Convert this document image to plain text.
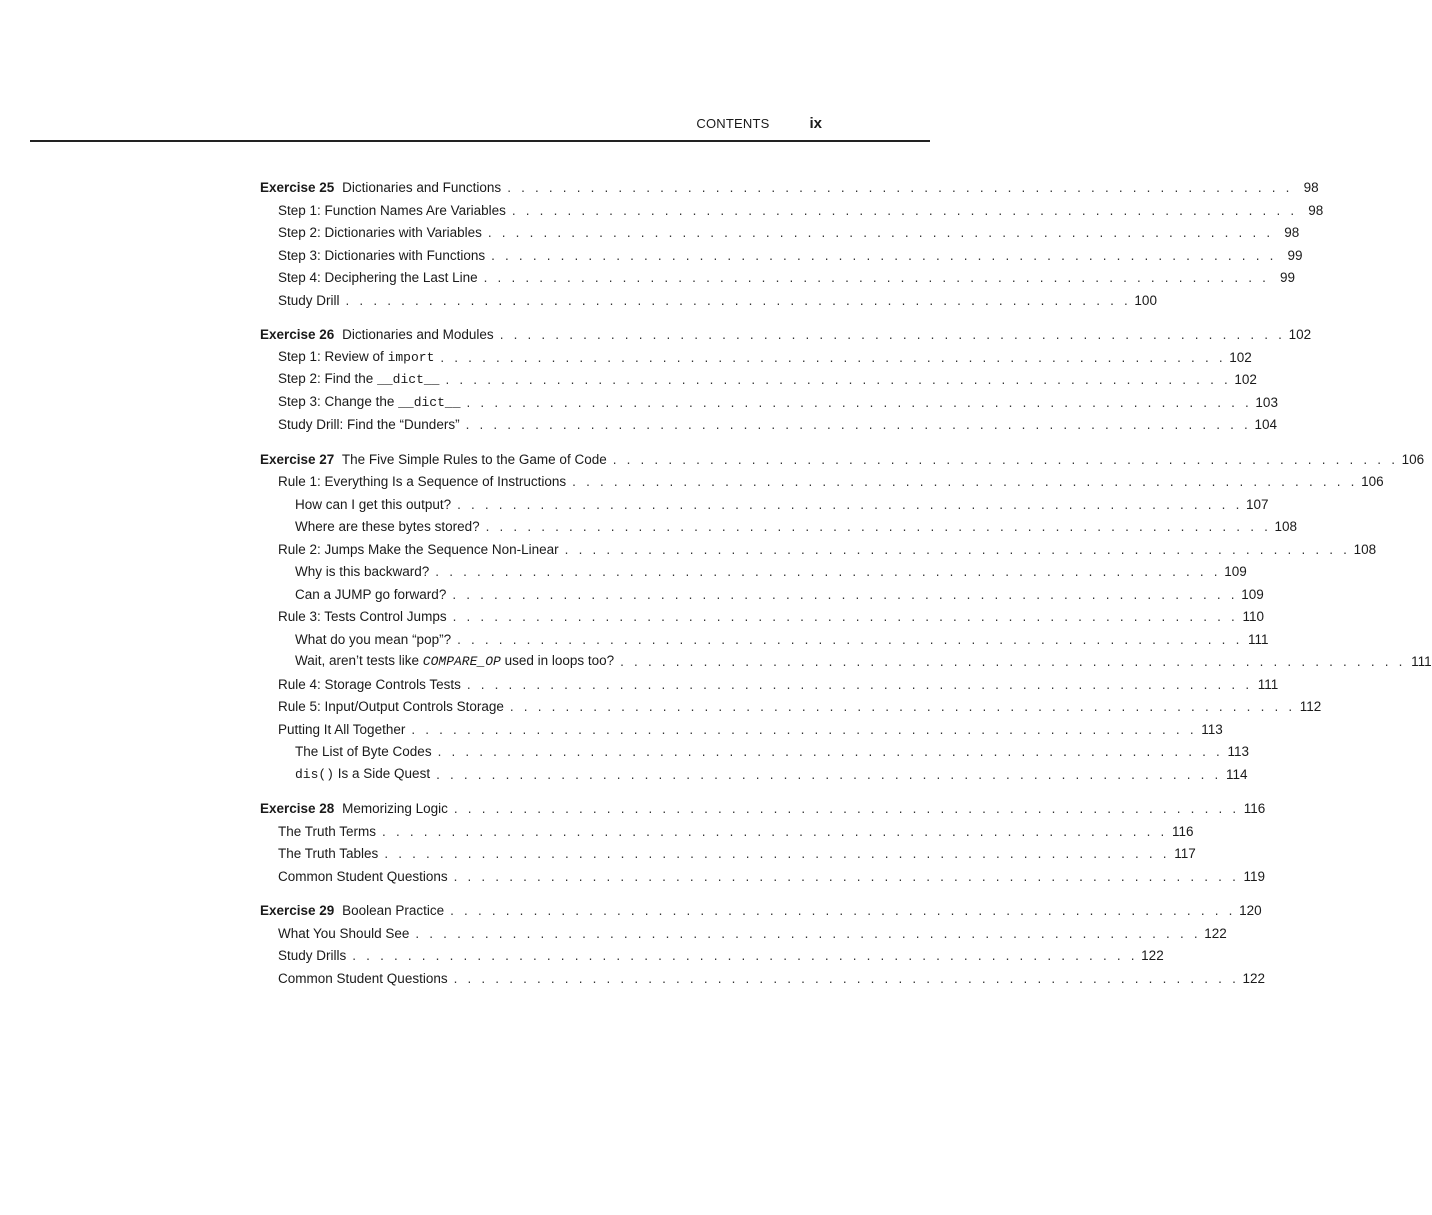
CONTENTS	ix
Exercise 25 Dictionaries and Functions . . . . . . . . . . . . . . . . . . . . . . . . . . . . . . . . . . . . . . . . . . . . . . . . . . . . . . . . . 98
Step 1: Function Names Are Variables . . . . . . . . . . . . . . . . . . . . . . . . . . . . . . . . . . . . . . . . . . . . . . . . . . . . . . . . . 98
Step 2: Dictionaries with Variables . . . . . . . . . . . . . . . . . . . . . . . . . . . . . . . . . . . . . . . . . . . . . . . . . . . . . . . . . 98
Step 3: Dictionaries with Functions . . . . . . . . . . . . . . . . . . . . . . . . . . . . . . . . . . . . . . . . . . . . . . . . . . . . . . . . . 99
Step 4: Deciphering the Last Line . . . . . . . . . . . . . . . . . . . . . . . . . . . . . . . . . . . . . . . . . . . . . . . . . . . . . . . . . 99
Study Drill . . . . . . . . . . . . . . . . . . . . . . . . . . . . . . . . . . . . . . . . . . . . . . . . . . . . . . . . . 100
Exercise 26 Dictionaries and Modules . . . . . . . . . . . . . . . . . . . . . . . . . . . . . . . . . . . . . . . . . . . . . . . . . . . . . . . . . 102
Step 1: Review of import . . . . . . . . . . . . . . . . . . . . . . . . . . . . . . . . . . . . . . . . . . . . . . . . . . . . . . . . . 102
Step 2: Find the __dict__ . . . . . . . . . . . . . . . . . . . . . . . . . . . . . . . . . . . . . . . . . . . . . . . . . . . . . . . . . 102
Step 3: Change the __dict__ . . . . . . . . . . . . . . . . . . . . . . . . . . . . . . . . . . . . . . . . . . . . . . . . . . . . . . . . . 103
Study Drill: Find the “Dunders” . . . . . . . . . . . . . . . . . . . . . . . . . . . . . . . . . . . . . . . . . . . . . . . . . . . . . . . . . 104
Exercise 27 The Five Simple Rules to the Game of Code . . . . . . . . . . . . . . . . . . . . . . . . . . . . . . . . . . . . . . . . . . . . . . . . . . . . . . . . . 106
Rule 1: Everything Is a Sequence of Instructions . . . . . . . . . . . . . . . . . . . . . . . . . . . . . . . . . . . . . . . . . . . . . . . . . . . . . . . . . 106
How can I get this output? . . . . . . . . . . . . . . . . . . . . . . . . . . . . . . . . . . . . . . . . . . . . . . . . . . . . . . . . . 107
Where are these bytes stored? . . . . . . . . . . . . . . . . . . . . . . . . . . . . . . . . . . . . . . . . . . . . . . . . . . . . . . . . . 108
Rule 2: Jumps Make the Sequence Non-Linear . . . . . . . . . . . . . . . . . . . . . . . . . . . . . . . . . . . . . . . . . . . . . . . . . . . . . . . . . 108
Why is this backward? . . . . . . . . . . . . . . . . . . . . . . . . . . . . . . . . . . . . . . . . . . . . . . . . . . . . . . . . . 109
Can a JUMP go forward? . . . . . . . . . . . . . . . . . . . . . . . . . . . . . . . . . . . . . . . . . . . . . . . . . . . . . . . . . 109
Rule 3: Tests Control Jumps . . . . . . . . . . . . . . . . . . . . . . . . . . . . . . . . . . . . . . . . . . . . . . . . . . . . . . . . . 110
What do you mean “pop”? . . . . . . . . . . . . . . . . . . . . . . . . . . . . . . . . . . . . . . . . . . . . . . . . . . . . . . . . . 111
Wait, aren’t tests like COMPARE_OP used in loops too? . . . . . . . . . . . . . . . . . . . . . . . . . . . . . . . . . . . . . . . . . . . . . . . . . . . . . . . . . 111
Rule 4: Storage Controls Tests . . . . . . . . . . . . . . . . . . . . . . . . . . . . . . . . . . . . . . . . . . . . . . . . . . . . . . . . . 111
Rule 5: Input/Output Controls Storage . . . . . . . . . . . . . . . . . . . . . . . . . . . . . . . . . . . . . . . . . . . . . . . . . . . . . . . . . 112
Putting It All Together . . . . . . . . . . . . . . . . . . . . . . . . . . . . . . . . . . . . . . . . . . . . . . . . . . . . . . . . . 113
The List of Byte Codes . . . . . . . . . . . . . . . . . . . . . . . . . . . . . . . . . . . . . . . . . . . . . . . . . . . . . . . . . 113
dis() Is a Side Quest . . . . . . . . . . . . . . . . . . . . . . . . . . . . . . . . . . . . . . . . . . . . . . . . . . . . . . . . . 114
Exercise 28 Memorizing Logic . . . . . . . . . . . . . . . . . . . . . . . . . . . . . . . . . . . . . . . . . . . . . . . . . . . . . . . . . 116
The Truth Terms . . . . . . . . . . . . . . . . . . . . . . . . . . . . . . . . . . . . . . . . . . . . . . . . . . . . . . . . . 116
The Truth Tables . . . . . . . . . . . . . . . . . . . . . . . . . . . . . . . . . . . . . . . . . . . . . . . . . . . . . . . . . 117
Common Student Questions . . . . . . . . . . . . . . . . . . . . . . . . . . . . . . . . . . . . . . . . . . . . . . . . . . . . . . . . . 119
Exercise 29 Boolean Practice . . . . . . . . . . . . . . . . . . . . . . . . . . . . . . . . . . . . . . . . . . . . . . . . . . . . . . . . . 120
What You Should See . . . . . . . . . . . . . . . . . . . . . . . . . . . . . . . . . . . . . . . . . . . . . . . . . . . . . . . . . 122
Study Drills . . . . . . . . . . . . . . . . . . . . . . . . . . . . . . . . . . . . . . . . . . . . . . . . . . . . . . . . . 122
Common Student Questions . . . . . . . . . . . . . . . . . . . . . . . . . . . . . . . . . . . . . . . . . . . . . . . . . . . . . . . . . 122
